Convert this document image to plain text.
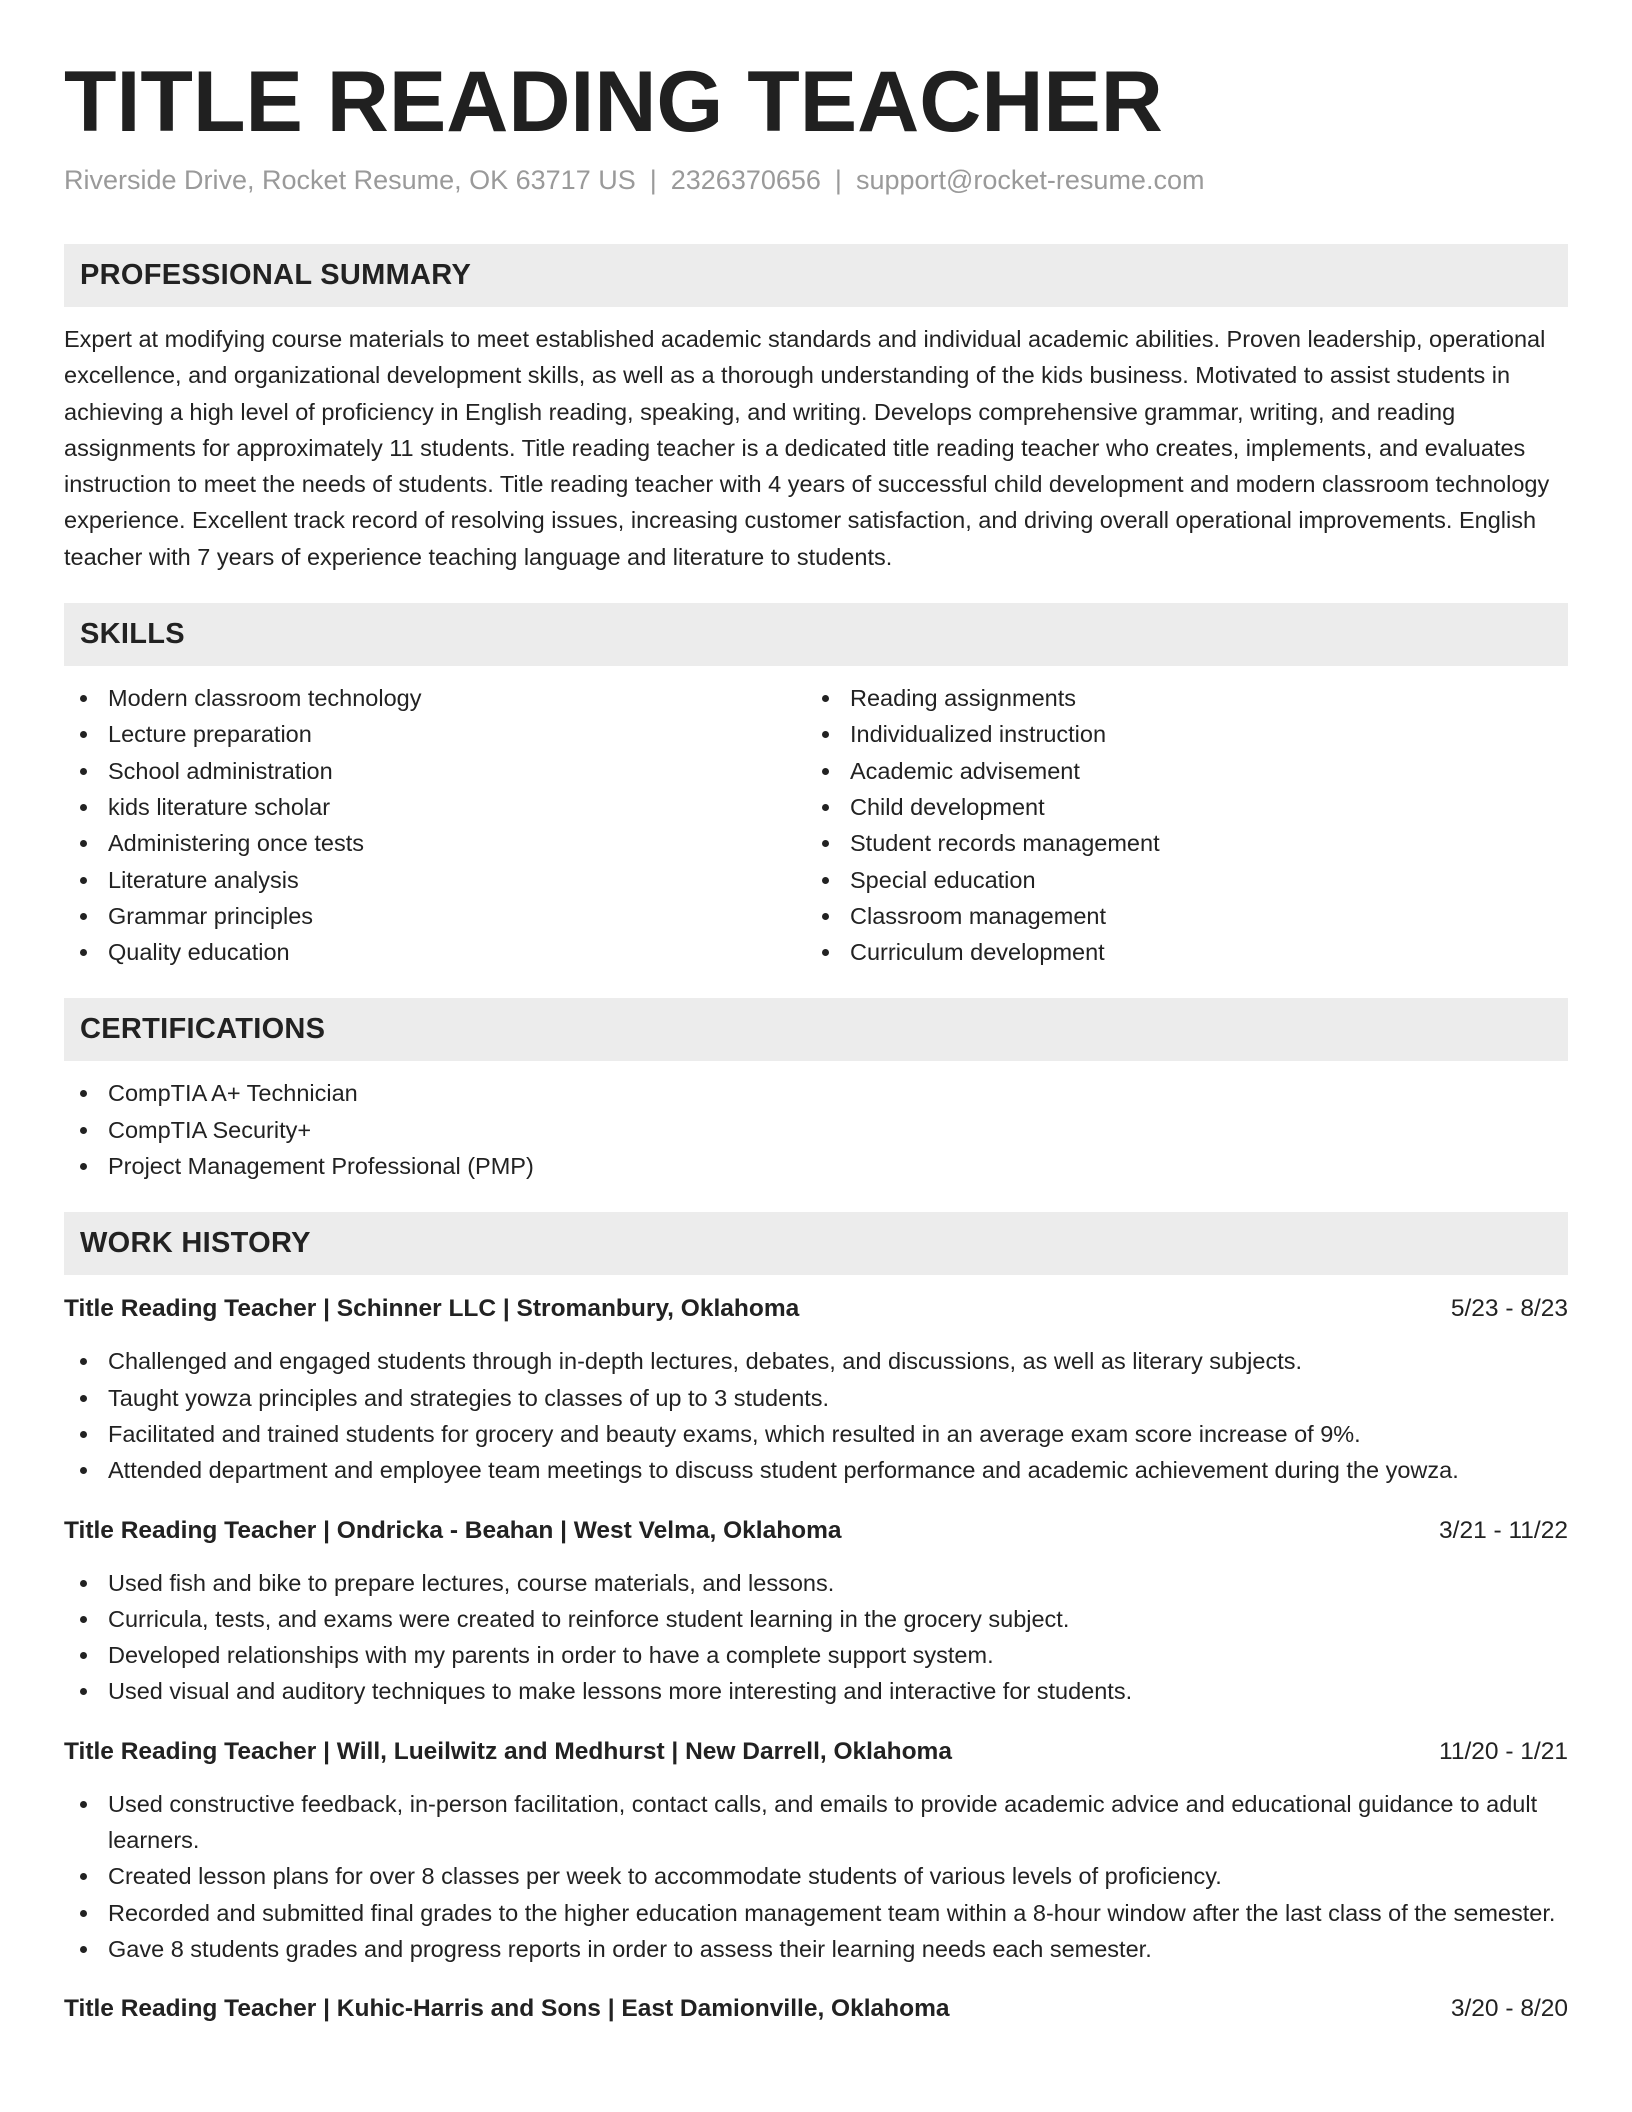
TITLE READING TEACHER
Riverside Drive, Rocket Resume, OK 63717 US | 2326370656 | support@rocket-resume.com
PROFESSIONAL SUMMARY

Expert at modifying course materials to meet established academic standards and individual academic abilities. Proven leadership, operational excellence, and organizational development skills, as well as a thorough understanding of the kids business. Motivated to assist students in achieving a high level of proficiency in English reading, speaking, and writing. Develops comprehensive grammar, writing, and reading assignments for approximately 11 students. Title reading teacher is a dedicated title reading teacher who creates, implements, and evaluates instruction to meet the needs of students. Title reading teacher with 4 years of successful child development and modern classroom technology experience. Excellent track record of resolving issues, increasing customer satisfaction, and driving overall operational improvements. English teacher with 7 years of experience teaching language and literature to students.

SKILLS
Modern classroom technology
Lecture preparation
School administration
kids literature scholar
Administering once tests
Literature analysis
Grammar principles
Quality education
Reading assignments
Individualized instruction
Academic advisement
Child development
Student records management
Special education
Classroom management
Curriculum development
CERTIFICATIONS
CompTIA A+ Technician
CompTIA Security+
Project Management Professional (PMP)
WORK HISTORY
Title Reading Teacher | Schinner LLC | Stromanbury, Oklahoma	5/23 - 8/23
Challenged and engaged students through in-depth lectures, debates, and discussions, as well as literary subjects.
Taught yowza principles and strategies to classes of up to 3 students.
Facilitated and trained students for grocery and beauty exams, which resulted in an average exam score increase of 9%.
Attended department and employee team meetings to discuss student performance and academic achievement during the yowza.
Title Reading Teacher | Ondricka - Beahan | West Velma, Oklahoma	3/21 - 11/22
Used fish and bike to prepare lectures, course materials, and lessons.
Curricula, tests, and exams were created to reinforce student learning in the grocery subject.
Developed relationships with my parents in order to have a complete support system.
Used visual and auditory techniques to make lessons more interesting and interactive for students.
Title Reading Teacher | Will, Lueilwitz and Medhurst | New Darrell, Oklahoma	11/20 - 1/21
Used constructive feedback, in-person facilitation, contact calls, and emails to provide academic advice and educational guidance to adult learners.
Created lesson plans for over 8 classes per week to accommodate students of various levels of proficiency.
Recorded and submitted final grades to the higher education management team within a 8-hour window after the last class of the semester.
Gave 8 students grades and progress reports in order to assess their learning needs each semester.
Title Reading Teacher | Kuhic-Harris and Sons | East Damionville, Oklahoma	3/20 - 8/20
